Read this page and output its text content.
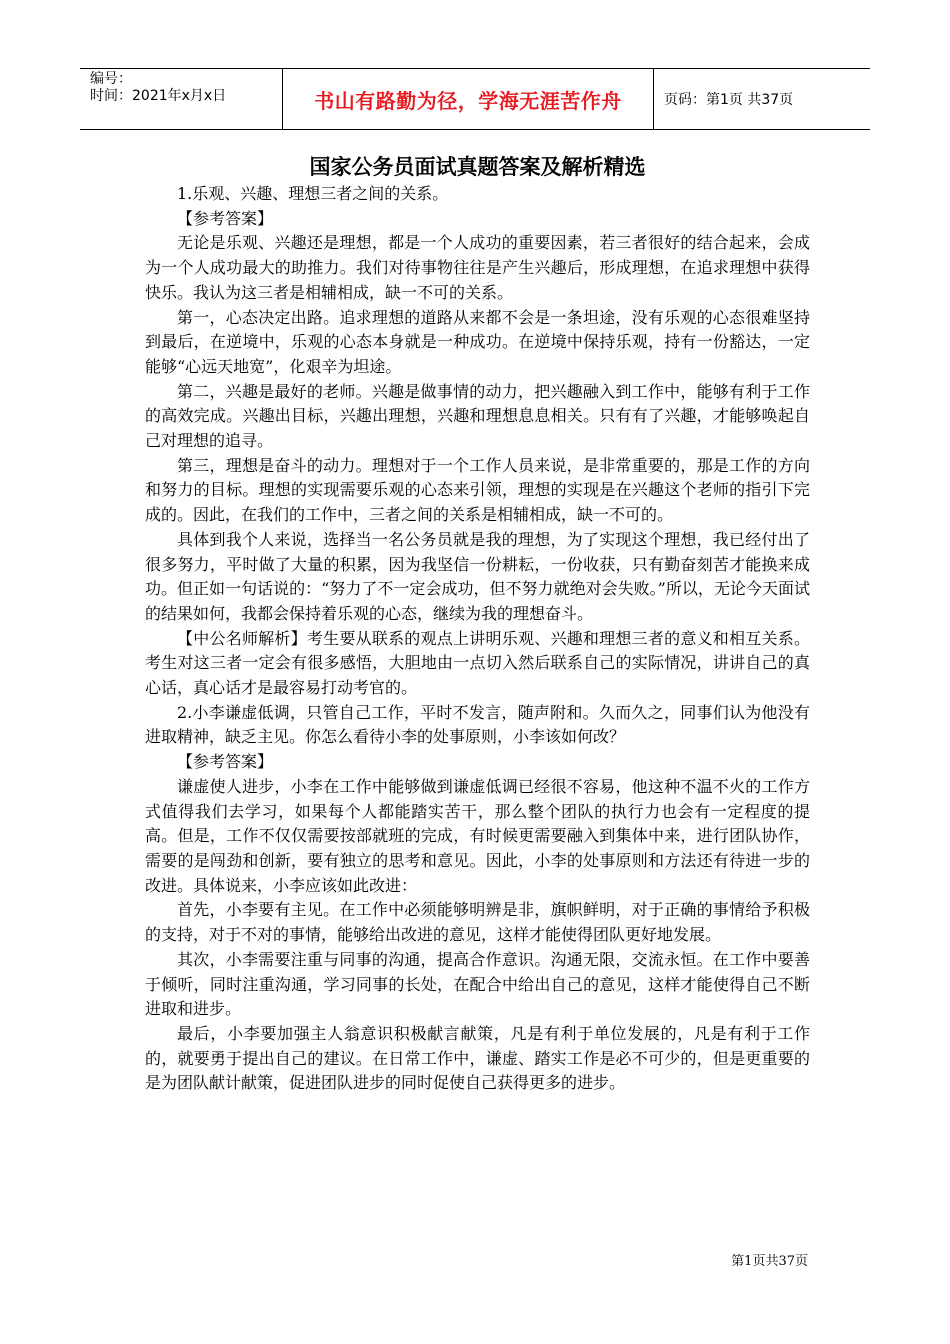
编号：
时间：2021年x月x日	书山有路勤为径，学海无涯苦作舟	页码：第1页 共37页
国家公务员面试真题答案及解析精选

1.乐观、兴趣、理想三者之间的关系。

【参考答案】

无论是乐观、兴趣还是理想，都是一个人成功的重要因素，若三者很好的结合起来，会成为一个人成功最大的助推力。我们对待事物往往是产生兴趣后，形成理想，在追求理想中获得快乐。我认为这三者是相辅相成，缺一不可的关系。

第一，心态决定出路。追求理想的道路从来都不会是一条坦途，没有乐观的心态很难坚持到最后，在逆境中，乐观的心态本身就是一种成功。在逆境中保持乐观，持有一份豁达，一定能够“心远天地宽”，化艰辛为坦途。

第二，兴趣是最好的老师。兴趣是做事情的动力，把兴趣融入到工作中，能够有利于工作的高效完成。兴趣出目标，兴趣出理想，兴趣和理想息息相关。只有有了兴趣，才能够唤起自己对理想的追寻。

第三，理想是奋斗的动力。理想对于一个工作人员来说，是非常重要的，那是工作的方向和努力的目标。理想的实现需要乐观的心态来引领，理想的实现是在兴趣这个老师的指引下完成的。因此，在我们的工作中，三者之间的关系是相辅相成，缺一不可的。

具体到我个人来说，选择当一名公务员就是我的理想，为了实现这个理想，我已经付出了很多努力，平时做了大量的积累，因为我坚信一份耕耘，一份收获，只有勤奋刻苦才能换来成功。但正如一句话说的：“努力了不一定会成功，但不努力就绝对会失败。”所以，无论今天面试的结果如何，我都会保持着乐观的心态，继续为我的理想奋斗。

【中公名师解析】考生要从联系的观点上讲明乐观、兴趣和理想三者的意义和相互关系。考生对这三者一定会有很多感悟，大胆地由一点切入然后联系自己的实际情况，讲讲自己的真心话，真心话才是最容易打动考官的。

2.小李谦虚低调，只管自己工作，平时不发言，随声附和。久而久之，同事们认为他没有进取精神，缺乏主见。你怎么看待小李的处事原则，小李该如何改？

【参考答案】

谦虚使人进步，小李在工作中能够做到谦虚低调已经很不容易，他这种不温不火的工作方式值得我们去学习，如果每个人都能踏实苦干，那么整个团队的执行力也会有一定程度的提高。但是，工作不仅仅需要按部就班的完成，有时候更需要融入到集体中来，进行团队协作，需要的是闯劲和创新，要有独立的思考和意见。因此，小李的处事原则和方法还有待进一步的改进。具体说来，小李应该如此改进：

首先，小李要有主见。在工作中必须能够明辨是非，旗帜鲜明，对于正确的事情给予积极的支持，对于不对的事情，能够给出改进的意见，这样才能使得团队更好地发展。

其次，小李需要注重与同事的沟通，提高合作意识。沟通无限，交流永恒。在工作中要善于倾听，同时注重沟通，学习同事的长处，在配合中给出自己的意见，这样才能使得自己不断进取和进步。

最后，小李要加强主人翁意识积极献言献策，凡是有利于单位发展的，凡是有利于工作的，就要勇于提出自己的建议。在日常工作中，谦虚、踏实工作是必不可少的，但是更重要的是为团队献计献策，促进团队进步的同时促使自己获得更多的进步。

第1页共37页
